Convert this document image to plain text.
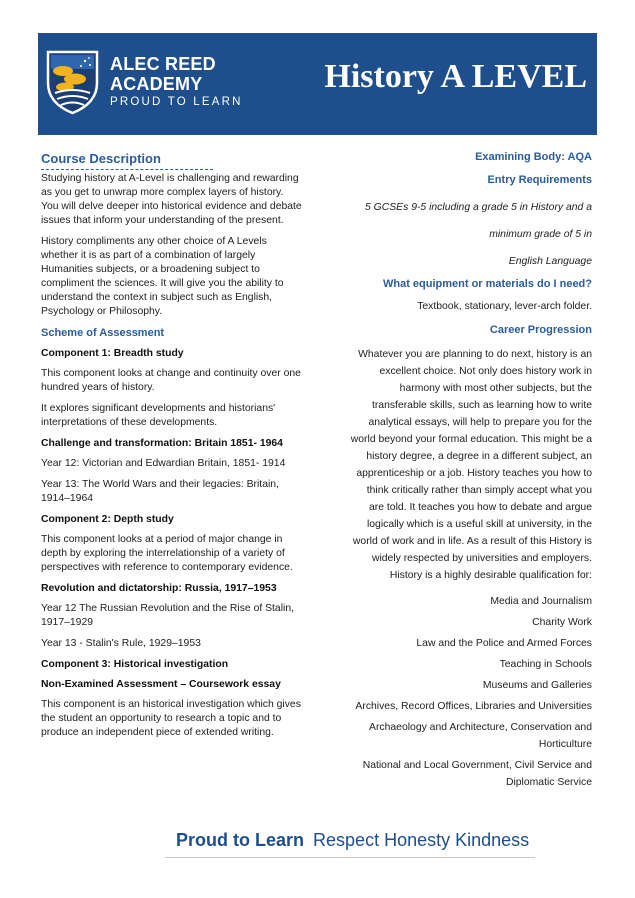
ALEC REED
ACADEMY
PROUD TO LEARN
History A LEVEL
Course Description

Studying history at A-Level is challenging and rewarding as you get to unwrap more complex layers of history. You will delve deeper into historical evidence and debate issues that inform your understanding of the present.

History compliments any other choice of A Levels whether it is as part of a combination of largely Humanities subjects, or a broadening subject to compliment the sciences. It will give you the ability to understand the context in subject such as English, Psychology or Philosophy.

Scheme of Assessment
Component 1: Breadth study

This component looks at change and continuity over one hundred years of history.

It explores significant developments and historians' interpretations of these developments.

Challenge and transformation: Britain 1851- 1964

Year 12: Victorian and Edwardian Britain, 1851- 1914

Year 13: The World Wars and their legacies: Britain, 1914–1964

Component 2: Depth study

This component looks at a period of major change in depth by exploring the interrelationship of a variety of perspectives with reference to contemporary evidence.

Revolution and dictatorship: Russia, 1917–1953

Year 12 The Russian Revolution and the Rise of Stalin, 1917–1929

Year 13 - Stalin's Rule, 1929–1953

Component 3: Historical investigation
Non-Examined Assessment – Coursework essay

This component is an historical investigation which gives the student an opportunity to research a topic and to produce an independent piece of extended writing.

Examining Body: AQA
Entry Requirements
5 GCSEs 9-5 including a grade 5 in History and a
minimum grade of 5 in
English Language
What equipment or materials do I need?

Textbook, stationary, lever-arch folder.

Career Progression

Whatever you are planning to do next, history is an excellent choice. Not only does history work in harmony with most other subjects, but the transferable skills, such as learning how to write analytical essays, will help to prepare you for the world beyond your formal education. This might be a history degree, a degree in a different subject, an apprenticeship or a job. History teaches you how to think critically rather than simply accept what you are told. It teaches you how to debate and argue logically which is a useful skill at university, in the world of work and in life. As a result of this History is widely respected by universities and employers. History is a highly desirable qualification for:

Media and Journalism
Charity Work
Law and the Police and Armed Forces
Teaching in Schools
Museums and Galleries
Archives, Record Offices, Libraries and Universities
Archaeology and Architecture, Conservation and Horticulture
National and Local Government, Civil Service and Diplomatic Service
Proud to Learn Respect Honesty Kindness
